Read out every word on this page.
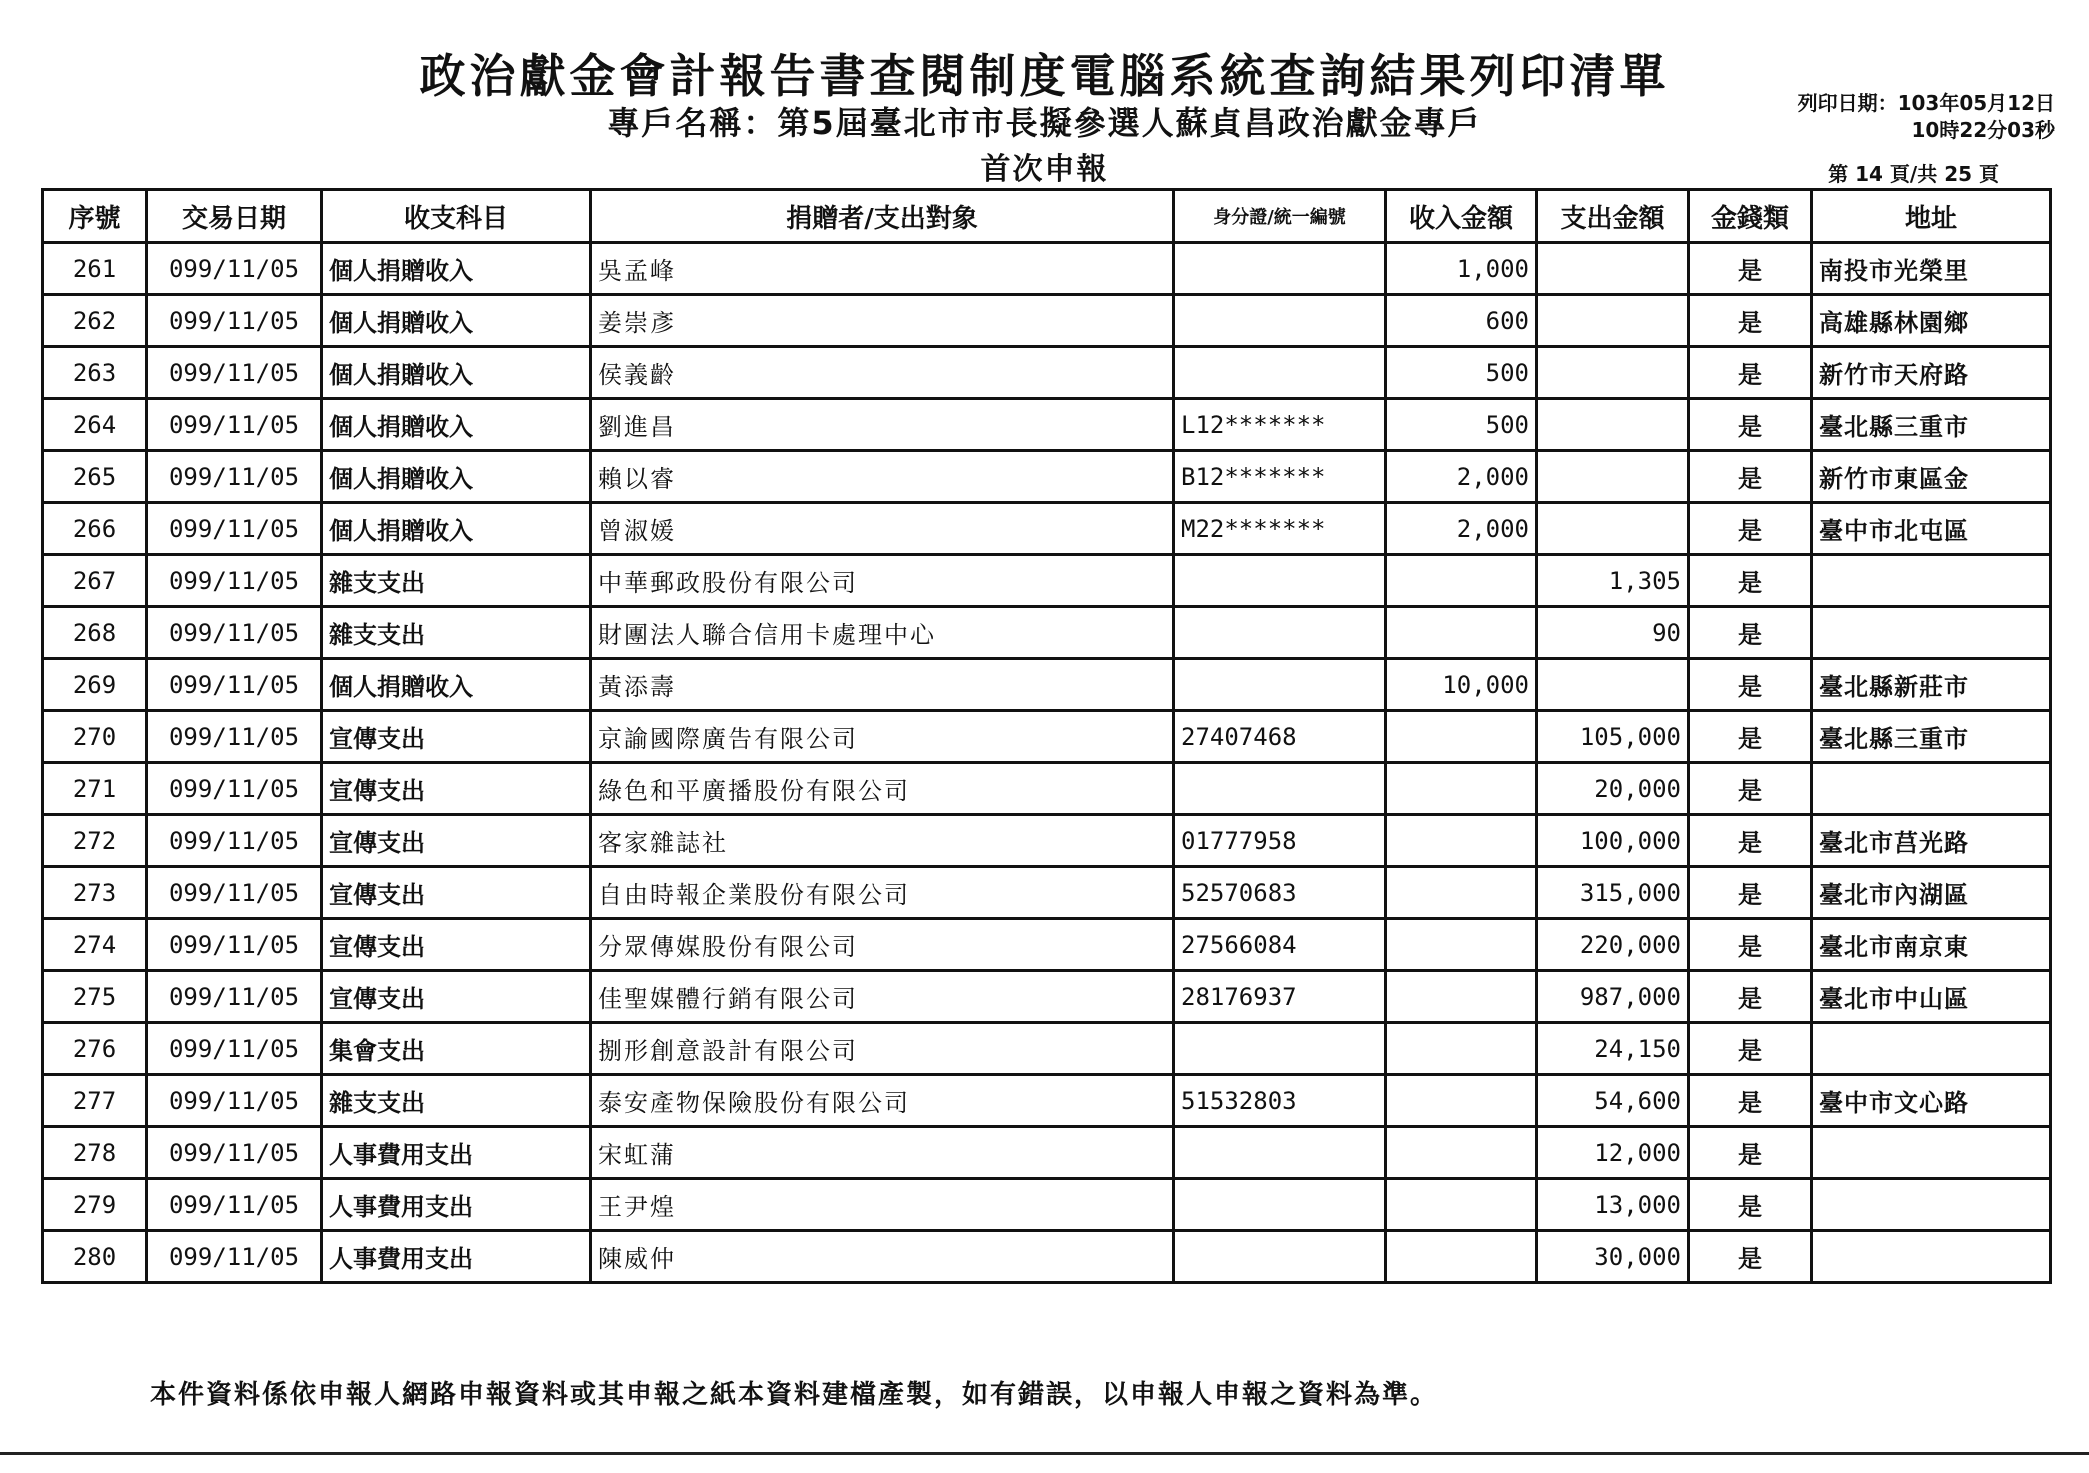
政治獻金會計報告書查閱制度電腦系統查詢結果列印清單
專戶名稱：第5屆臺北市市長擬參選人蘇貞昌政治獻金專戶
首次申報
列印日期：103年05月12日
10時22分03秒
第 14 頁/共 25 頁
序號	交易日期	收支科目	捐贈者/支出對象	身分證/統一編號	收入金額	支出金額	金錢類	地址
261	099/11/05	個人捐贈收入	吳孟峰		1,000		是	南投市光榮里
262	099/11/05	個人捐贈收入	姜崇彥		600		是	高雄縣林園鄉
263	099/11/05	個人捐贈收入	侯義齡		500		是	新竹市天府路
264	099/11/05	個人捐贈收入	劉進昌	L12*******	500		是	臺北縣三重市
265	099/11/05	個人捐贈收入	賴以睿	B12*******	2,000		是	新竹市東區金
266	099/11/05	個人捐贈收入	曾淑媛	M22*******	2,000		是	臺中市北屯區
267	099/11/05	雜支支出	中華郵政股份有限公司			1,305	是	
268	099/11/05	雜支支出	財團法人聯合信用卡處理中心			90	是	
269	099/11/05	個人捐贈收入	黃添壽		10,000		是	臺北縣新莊市
270	099/11/05	宣傳支出	京諭國際廣告有限公司	27407468		105,000	是	臺北縣三重市
271	099/11/05	宣傳支出	綠色和平廣播股份有限公司			20,000	是	
272	099/11/05	宣傳支出	客家雜誌社	01777958		100,000	是	臺北市莒光路
273	099/11/05	宣傳支出	自由時報企業股份有限公司	52570683		315,000	是	臺北市內湖區
274	099/11/05	宣傳支出	分眾傳媒股份有限公司	27566084		220,000	是	臺北市南京東
275	099/11/05	宣傳支出	佳聖媒體行銷有限公司	28176937		987,000	是	臺北市中山區
276	099/11/05	集會支出	捌形創意設計有限公司			24,150	是	
277	099/11/05	雜支支出	泰安產物保險股份有限公司	51532803		54,600	是	臺中市文心路
278	099/11/05	人事費用支出	宋虹蒲			12,000	是	
279	099/11/05	人事費用支出	王尹煌			13,000	是	
280	099/11/05	人事費用支出	陳威仲			30,000	是	
本件資料係依申報人網路申報資料或其申報之紙本資料建檔產製，如有錯誤，以申報人申報之資料為準。
